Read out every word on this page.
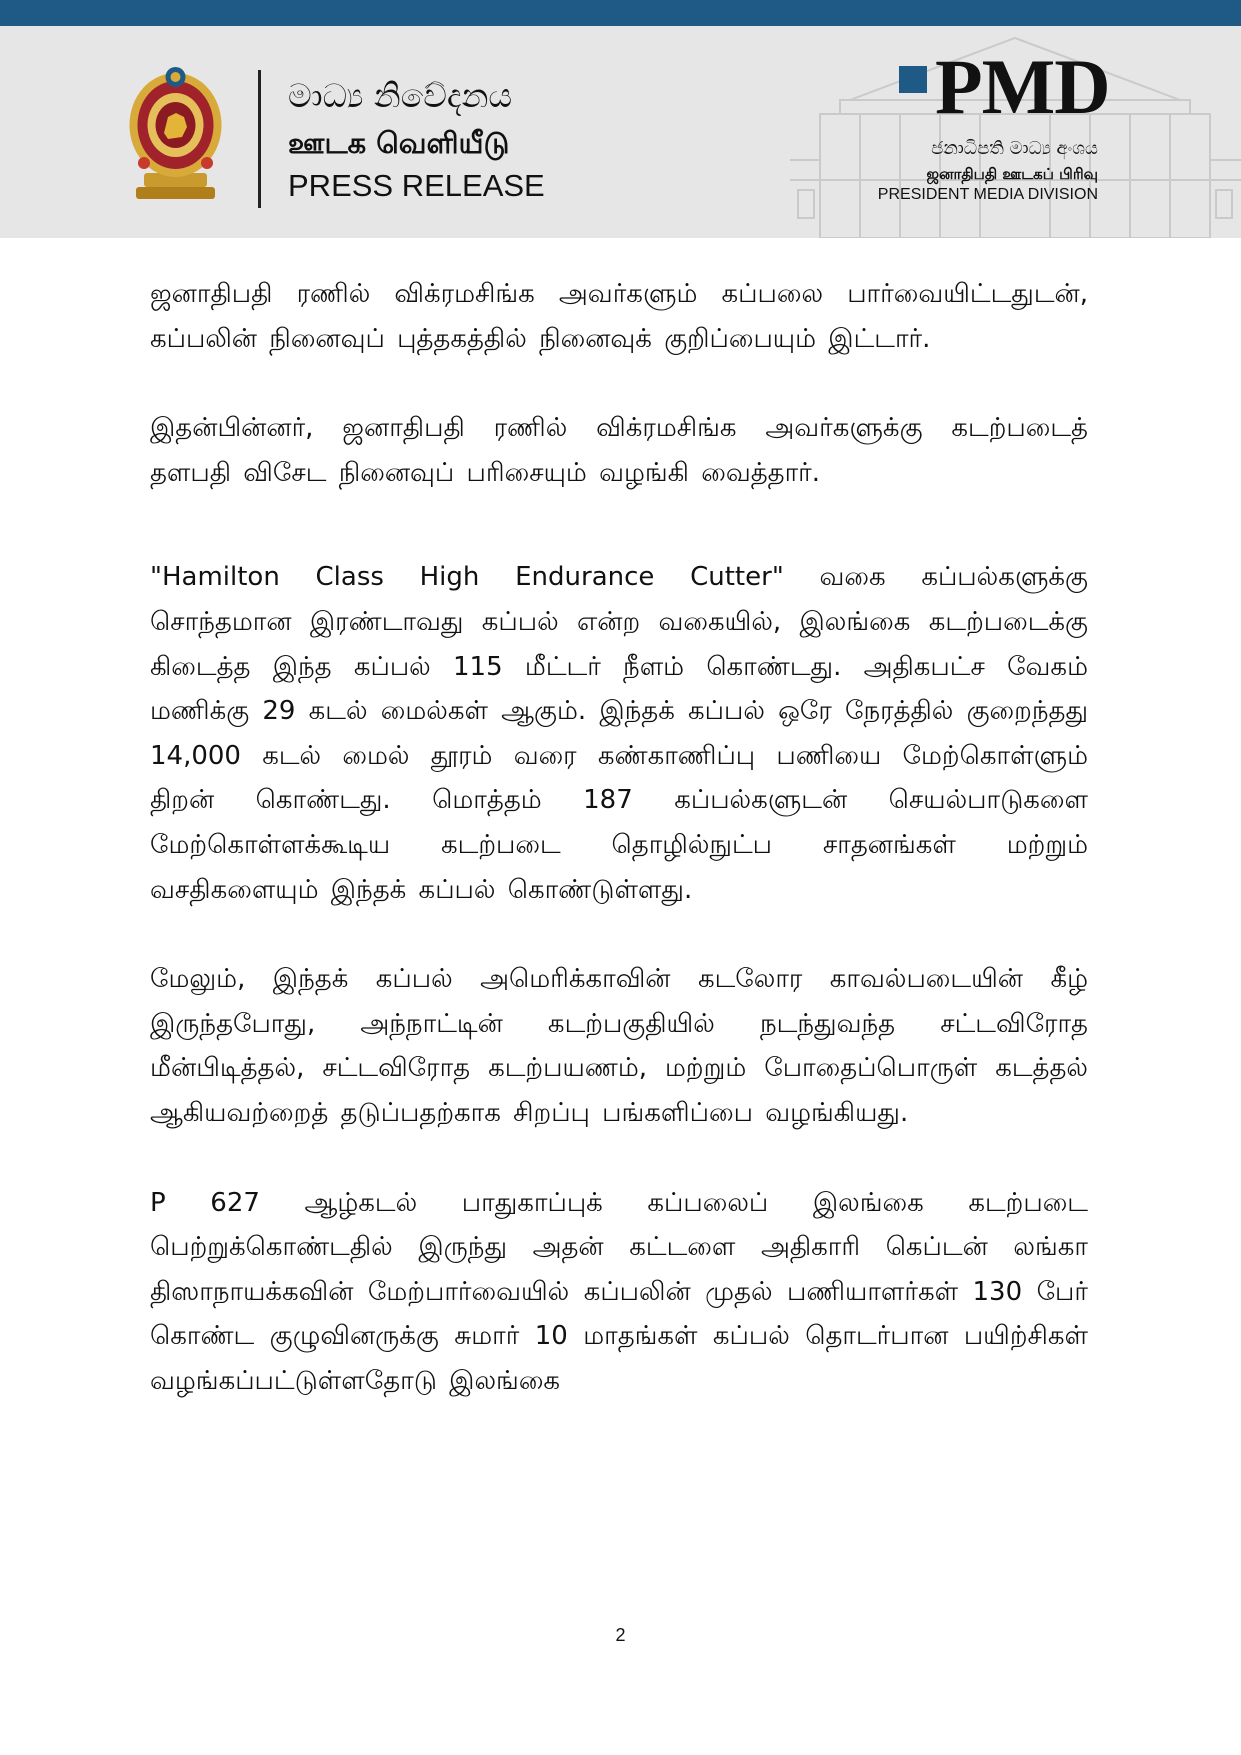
මාධ්‍ය නිවේදනය
ஊடக வெளியீடு
PRESS RELEASE
PMD
ජනාධිපති මාධ්‍ය අංශය
ஜனாதிபதி ஊடகப் பிரிவு
PRESIDENT MEDIA DIVISION

ஜனாதிபதி ரணில் விக்ரமசிங்க அவர்களும் கப்பலை பார்வையிட்டதுடன், கப்பலின் நினைவுப் புத்தகத்தில் நினைவுக் குறிப்பையும் இட்டார்.

இதன்பின்னர், ஜனாதிபதி ரணில் விக்ரமசிங்க அவர்களுக்கு கடற்படைத் தளபதி விசேட நினைவுப் பரிசையும் வழங்கி வைத்தார்.

"Hamilton Class High Endurance Cutter" வகை கப்பல்களுக்கு சொந்தமான இரண்டாவது கப்பல் என்ற வகையில், இலங்கை கடற்படைக்கு கிடைத்த இந்த கப்பல் 115 மீட்டர் நீளம் கொண்டது. அதிகபட்ச வேகம் மணிக்கு 29 கடல் மைல்கள் ஆகும். இந்தக் கப்பல் ஒரே நேரத்தில் குறைந்தது 14,000 கடல் மைல் தூரம் வரை கண்காணிப்பு பணியை மேற்கொள்ளும் திறன் கொண்டது. மொத்தம் 187 கப்பல்களுடன் செயல்பாடுகளை மேற்கொள்ளக்கூடிய கடற்படை தொழில்நுட்ப சாதனங்கள் மற்றும் வசதிகளையும் இந்தக் கப்பல் கொண்டுள்ளது.

மேலும், இந்தக் கப்பல் அமெரிக்காவின் கடலோர காவல்படையின் கீழ் இருந்தபோது, அந்நாட்டின் கடற்பகுதியில் நடந்துவந்த சட்டவிரோத மீன்பிடித்தல், சட்டவிரோத கடற்பயணம், மற்றும் போதைப்பொருள் கடத்தல் ஆகியவற்றைத் தடுப்பதற்காக சிறப்பு பங்களிப்பை வழங்கியது.

P 627 ஆழ்கடல் பாதுகாப்புக் கப்பலைப் இலங்கை கடற்படை பெற்றுக்கொண்டதில் இருந்து அதன் கட்டளை அதிகாரி கெப்டன் லங்கா திஸாநாயக்கவின் மேற்பார்வையில் கப்பலின் முதல் பணியாளர்கள் 130 பேர் கொண்ட குழுவினருக்கு சுமார் 10 மாதங்கள் கப்பல் தொடர்பான பயிற்சிகள் வழங்கப்பட்டுள்ளதோடு இலங்கை

2
